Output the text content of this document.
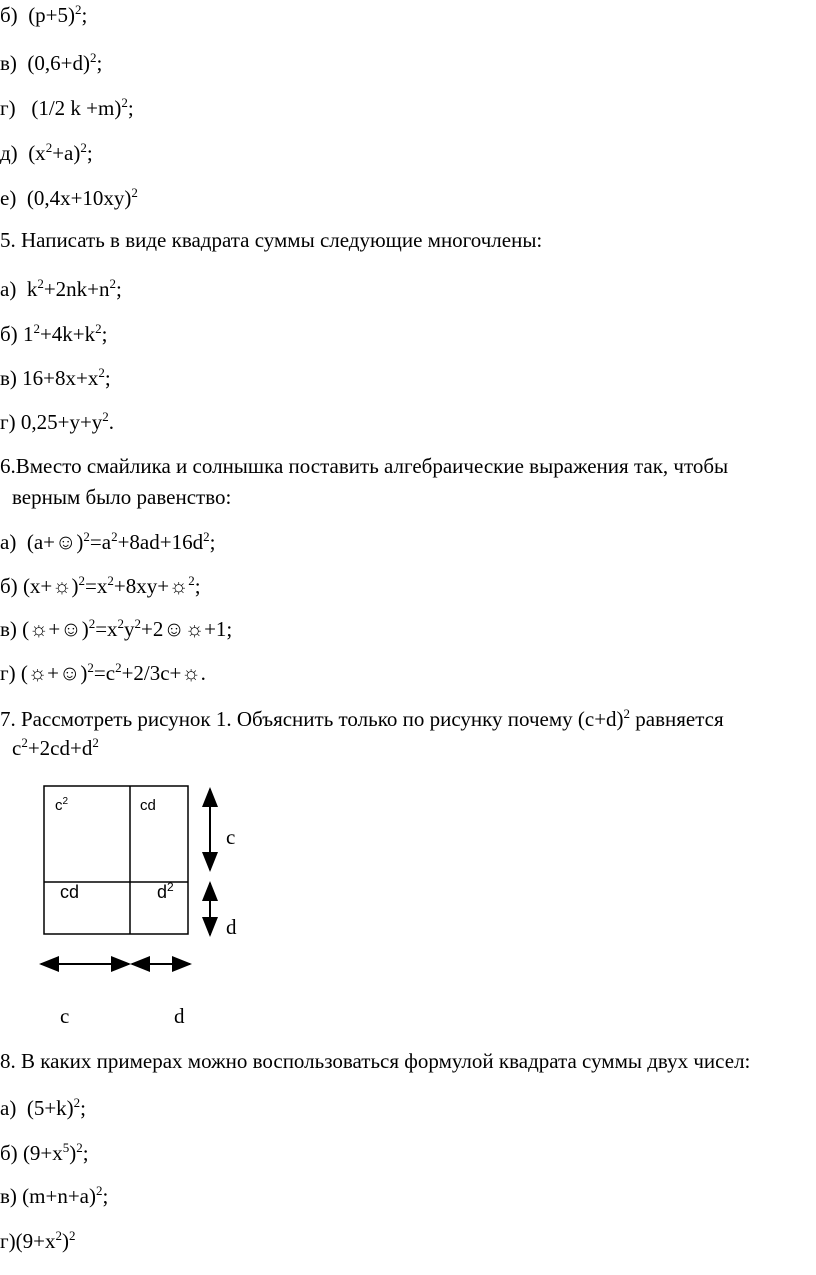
б) $(p+5)^2$;
в) $(0,6+d)^2$;
г) (1/2 k +m)$^2$;
д) $(x^2+a)^2$;
е) $(0,4x+10xy)^2$
5. Написать в виде квадрата суммы следующие многочлены:
а) $k^2+2nk+n^2$;
б) $1^2+4k+k^2$;
в) $16+8x+x^2$;
г) $0,25+y+y^2$.
6.Вместо смайлика и солнышка поставить алгебраические выражения так, чтобы
верным было равенство:
а) $(a+☺)^2=a^2+8ad+16d^2$;
б) $(x+☼)^2=x^2+8xy+☼^2$;
в) $(☼+☺)^2=x^2y^2+2☺☼+1$;
г) $(☼+☺)^2=c^2+2/3c+☼$.
7. Рассмотреть рисунок 1. Объяснить только по рисунку почему $(c+d)^2$ равняется
$c^2+2cd+d^2$
$c^2$	cd
cd	$d^2$
c
d
c	d
8. В каких примерах можно воспользоваться формулой квадрата суммы двух чисел:
а) $(5+k)^2$;
б) $(9+x^5)^2$;
в) $(m+n+a)^2$;
$г)(9+x^2)^2$
